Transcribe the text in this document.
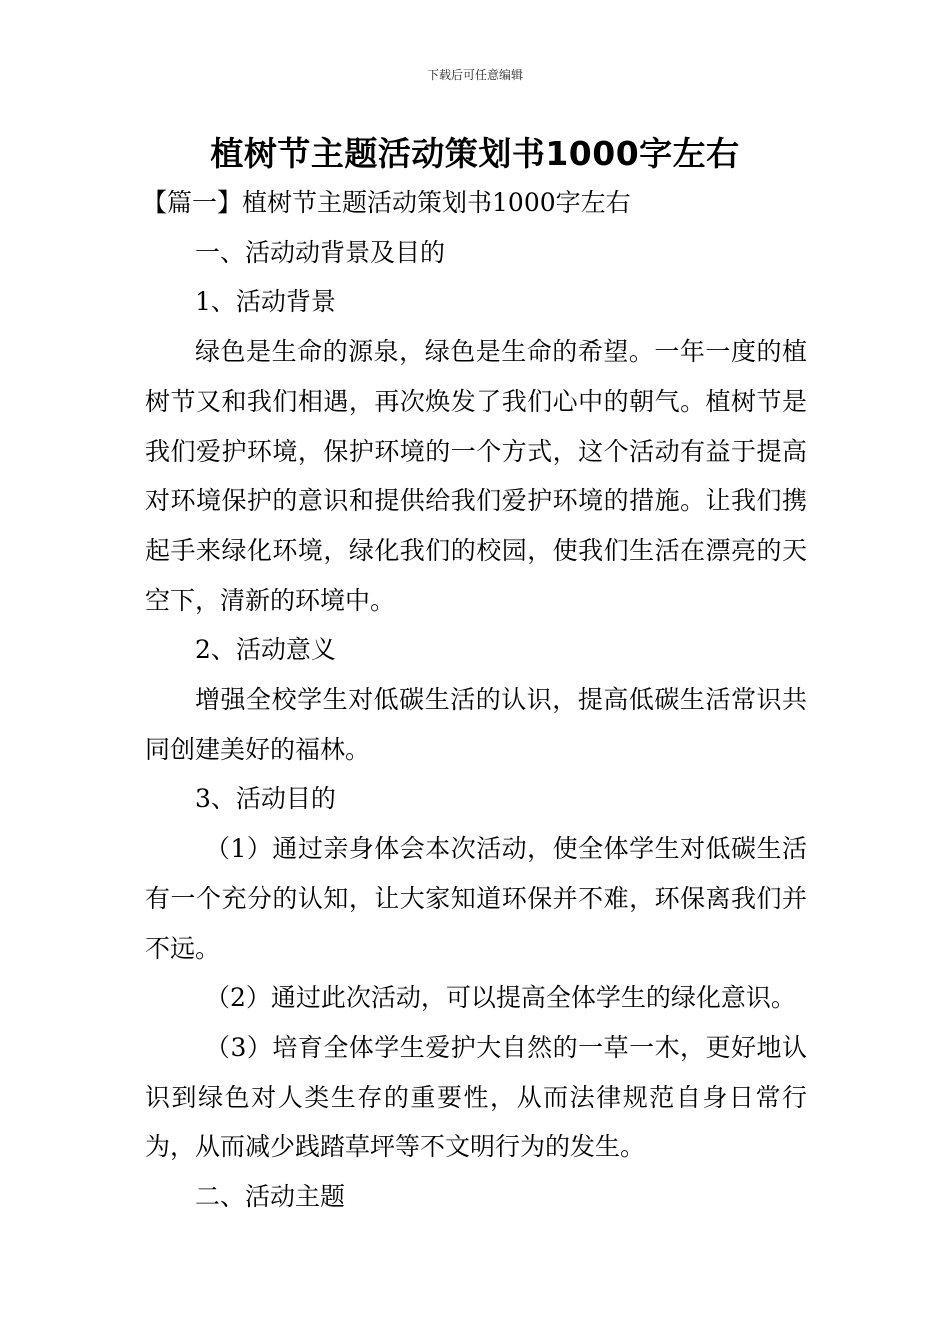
下载后可任意编辑
植树节主题活动策划书1000字左右

【篇一】植树节主题活动策划书1000字左右

一、活动动背景及目的

1、活动背景

绿色是生命的源泉，绿色是生命的希望。一年一度的植树节又和我们相遇，再次焕发了我们心中的朝气。植树节是我们爱护环境，保护环境的一个方式，这个活动有益于提高对环境保护的意识和提供给我们爱护环境的措施。让我们携起手来绿化环境，绿化我们的校园，使我们生活在漂亮的天空下，清新的环境中。

2、活动意义

增强全校学生对低碳生活的认识，提高低碳生活常识共同创建美好的福林。

3、活动目的

（1）通过亲身体会本次活动，使全体学生对低碳生活有一个充分的认知，让大家知道环保并不难，环保离我们并不远。

（2）通过此次活动，可以提高全体学生的绿化意识。

（3）培育全体学生爱护大自然的一草一木，更好地认识到绿色对人类生存的重要性，从而法律规范自身日常行为，从而减少践踏草坪等不文明行为的发生。

二、活动主题
